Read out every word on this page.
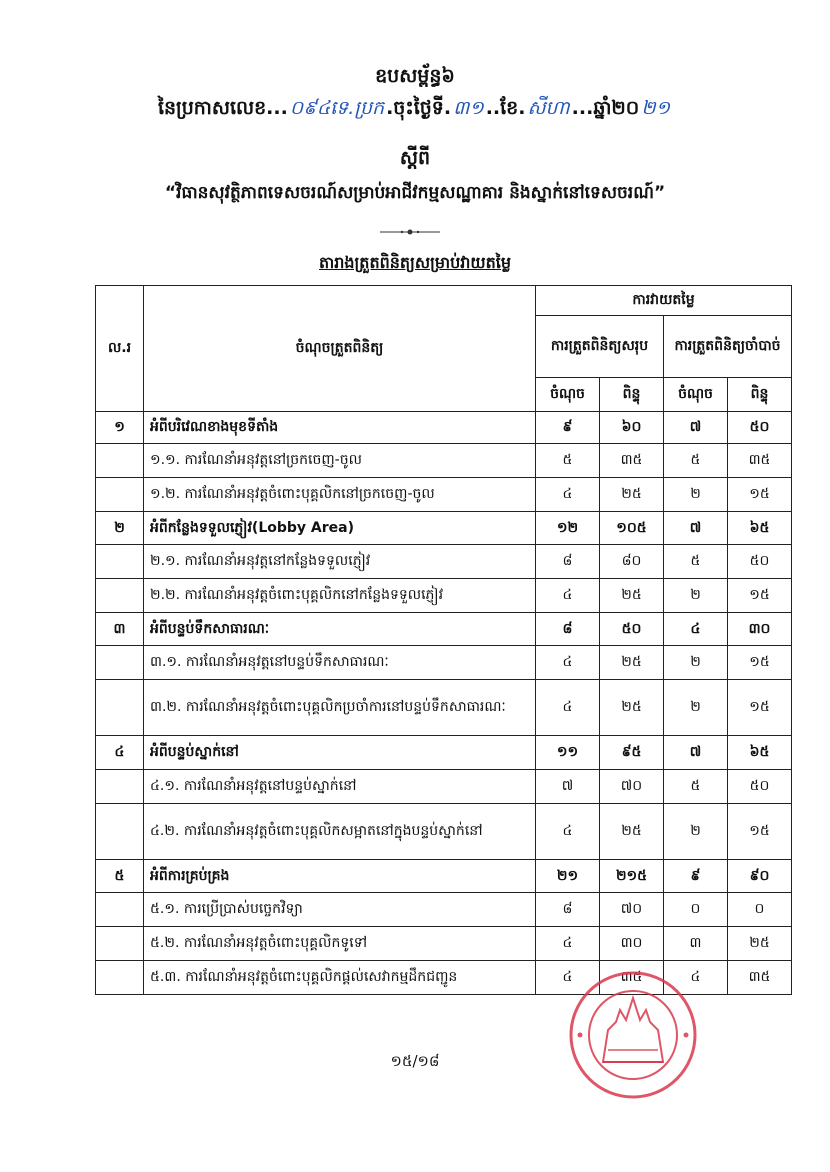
ឧបសម្ព័ន្ធ៦
នៃប្រកាសលេខ... ០៩៤ទេ.ប្រក .ចុះថ្ងៃទី. ៣១ ..ខែ. សីហា ...ឆ្នាំ២០ ២១
ស្តីពី
“វិធានសុវត្ថិភាពទេសចរណ៍សម្រាប់អាជីវកម្មសណ្ឋាគារ និងស្នាក់នៅទេសចរណ៍”
តារាងត្រួតពិនិត្យសម្រាប់វាយតម្លៃ
ល.រ	ចំណុចត្រួតពិនិត្យ	ការវាយតម្លៃ			
		ការត្រួតពិនិត្យសរុប		ការត្រួតពិនិត្យចាំបាច់	
		ចំណុច	ពិន្ទុ	ចំណុច	ពិន្ទុ
១	អំពីបរិវេណខាងមុខទីតាំង	៩	៦០	៧	៥០
	១.១. ការណែនាំអនុវត្តនៅច្រកចេញ-ចូល	៥	៣៥	៥	៣៥
	១.២. ការណែនាំអនុវត្តចំពោះបុគ្គលិកនៅច្រកចេញ-ចូល	៤	២៥	២	១៥
២	អំពីកន្លែងទទួលភ្ញៀវ(Lobby Area)	១២	១០៥	៧	៦៥
	២.១. ការណែនាំអនុវត្តនៅកន្លែងទទួលភ្ញៀវ	៨	៨០	៥	៥០
	២.២. ការណែនាំអនុវត្តចំពោះបុគ្គលិកនៅកន្លែងទទួលភ្ញៀវ	៤	២៥	២	១៥
៣	អំពីបន្ទប់ទឹកសាធារណៈ	៨	៥០	៤	៣០
	៣.១. ការណែនាំអនុវត្តនៅបន្ទប់ទឹកសាធារណៈ	៤	២៥	២	១៥
	៣.២. ការណែនាំអនុវត្តចំពោះបុគ្គលិកប្រចាំការនៅបន្ទប់ទឹកសាធារណៈ	៤	២៥	២	១៥
៤	អំពីបន្ទប់ស្នាក់នៅ	១១	៩៥	៧	៦៥
	៤.១. ការណែនាំអនុវត្តនៅបន្ទប់ស្នាក់នៅ	៧	៧០	៥	៥០
	៤.២. ការណែនាំអនុវត្តចំពោះបុគ្គលិកសម្អាតនៅក្នុងបន្ទប់ស្នាក់នៅ	៤	២៥	២	១៥
៥	អំពីការគ្រប់គ្រង	២១	២១៥	៩	៩០
	៥.១. ការប្រើប្រាស់បច្ចេកវិទ្យា	៨	៧០	០	០
	៥.២. ការណែនាំអនុវត្តចំពោះបុគ្គលិកទូទៅ	៤	៣០	៣	២៥
	៥.៣. ការណែនាំអនុវត្តចំពោះបុគ្គលិកផ្តល់សេវាកម្មដឹកជញ្ជូន	៤	៣៥	៤	៣៥
១៥/១៨
